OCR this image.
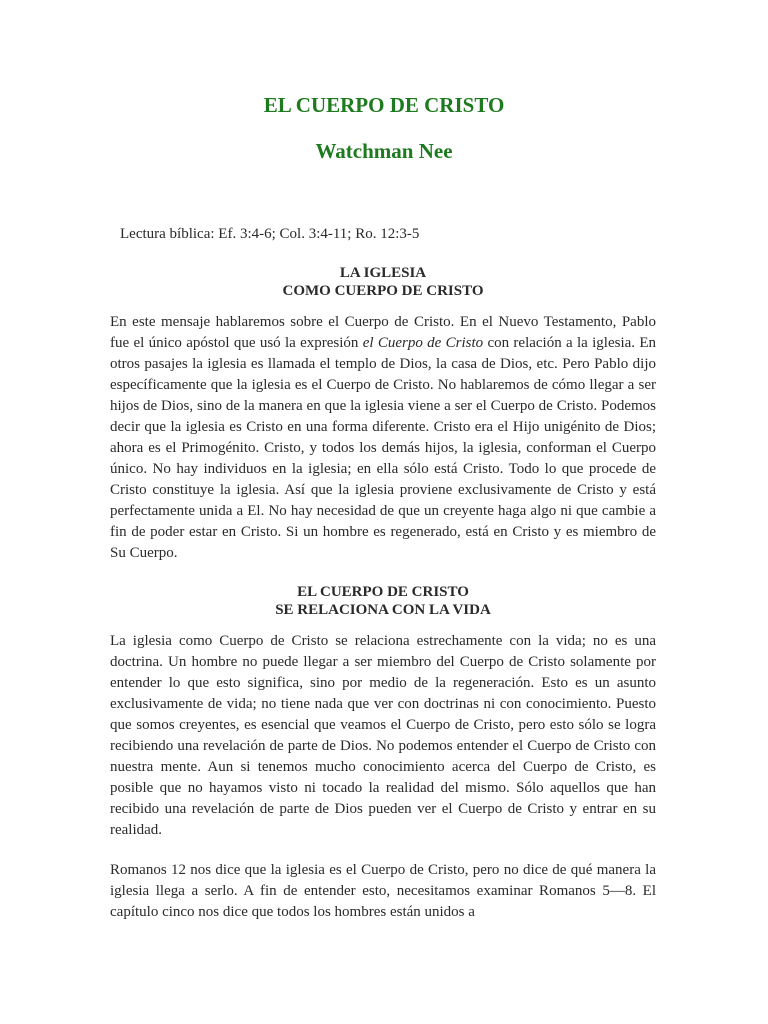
EL CUERPO DE CRISTO
Watchman Nee

Lectura bíblica: Ef. 3:4-6; Col. 3:4-11; Ro. 12:3-5

LA IGLESIA
COMO CUERPO DE CRISTO

En este mensaje hablaremos sobre el Cuerpo de Cristo. En el Nuevo Testamento, Pablo fue el único apóstol que usó la expresión el Cuerpo de Cristo con relación a la iglesia. En otros pasajes la iglesia es llamada el templo de Dios, la casa de Dios, etc. Pero Pablo dijo específicamente que la iglesia es el Cuerpo de Cristo. No hablaremos de cómo llegar a ser hijos de Dios, sino de la manera en que la iglesia viene a ser el Cuerpo de Cristo. Podemos decir que la iglesia es Cristo en una forma diferente. Cristo era el Hijo unigénito de Dios; ahora es el Primogénito. Cristo, y todos los demás hijos, la iglesia, conforman el Cuerpo único. No hay individuos en la iglesia; en ella sólo está Cristo. Todo lo que procede de Cristo constituye la iglesia. Así que la iglesia proviene exclusivamente de Cristo y está perfectamente unida a El. No hay necesidad de que un creyente haga algo ni que cambie a fin de poder estar en Cristo. Si un hombre es regenerado, está en Cristo y es miembro de Su Cuerpo.

EL CUERPO DE CRISTO
SE RELACIONA CON LA VIDA

La iglesia como Cuerpo de Cristo se relaciona estrechamente con la vida; no es una doctrina. Un hombre no puede llegar a ser miembro del Cuerpo de Cristo solamente por entender lo que esto significa, sino por medio de la regeneración. Esto es un asunto exclusivamente de vida; no tiene nada que ver con doctrinas ni con conocimiento. Puesto que somos creyentes, es esencial que veamos el Cuerpo de Cristo, pero esto sólo se logra recibiendo una revelación de parte de Dios. No podemos entender el Cuerpo de Cristo con nuestra mente. Aun si tenemos mucho conocimiento acerca del Cuerpo de Cristo, es posible que no hayamos visto ni tocado la realidad del mismo. Sólo aquellos que han recibido una revelación de parte de Dios pueden ver el Cuerpo de Cristo y entrar en su realidad.

Romanos 12 nos dice que la iglesia es el Cuerpo de Cristo, pero no dice de qué manera la iglesia llega a serlo. A fin de entender esto, necesitamos examinar Romanos 5—8. El capítulo cinco nos dice que todos los hombres están unidos a
